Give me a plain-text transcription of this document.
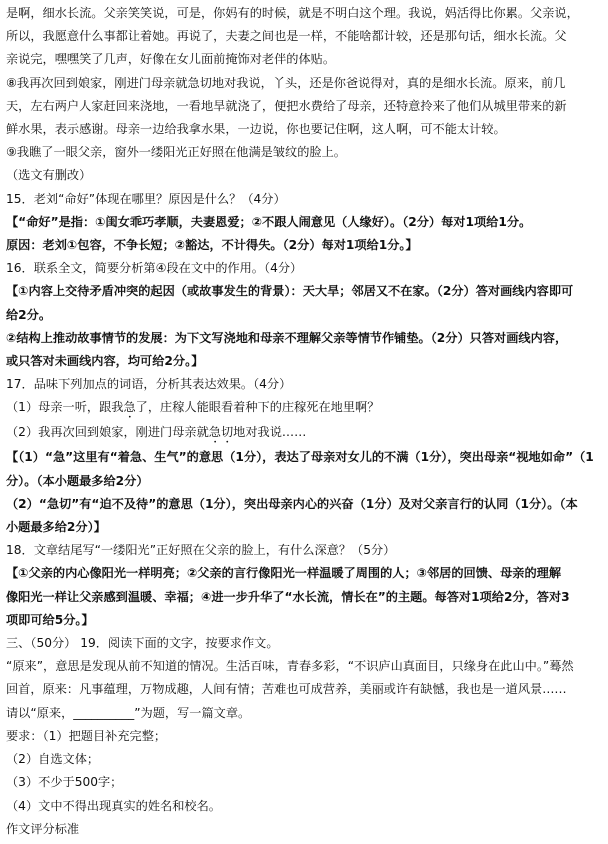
是啊，细水长流。父亲笑笑说，可是，你妈有的时候，就是不明白这个理。我说，妈活得比你累。父亲说，
所以，我愿意什么事都让着她。再说了，夫妻之间也是一样，不能啥都计较，还是那句话，细水长流。父
亲说完，嘿嘿笑了几声，好像在女儿面前掩饰对老伴的体贴。
⑧我再次回到娘家，刚进门母亲就急切地对我说，丫头，还是你爸说得对，真的是细水长流。原来，前几
天，左右两户人家赶回来浇地，一看地旱就浇了，便把水费给了母亲，还特意拎来了他们从城里带来的新
鲜水果，表示感谢。母亲一边给我拿水果，一边说，你也要记住啊，这人啊，可不能太计较。
⑨我瞧了一眼父亲，窗外一缕阳光正好照在他满是皱纹的脸上。
（选文有删改）
15．老刘“命好”体现在哪里？原因是什么？（4分）
【“命好”是指：①闺女乖巧孝顺，夫妻恩爱；②不跟人闹意见（人缘好）。（2分）每对1项给1分。
原因：老刘①包容，不争长短；②豁达，不计得失。（2分）每对1项给1分。】
16．联系全文，简要分析第④段在文中的作用。（4分）
【①内容上交待矛盾冲突的起因（或故事发生的背景）：天大旱；邻居又不在家。（2分）答对画线内容即可
给2分。
②结构上推动故事情节的发展：为下文写浇地和母亲不理解父亲等情节作铺垫。（2分）只答对画线内容，
或只答对未画线内容，均可给2分。】
17．品味下列加点的词语，分析其表达效果。（4分）
（1）母亲一听，跟我急了，庄稼人能眼看着种下的庄稼死在地里啊？
（2）我再次回到娘家，刚进门母亲就急切地对我说……
【（1）“急”这里有“着急、生气”的意思（1分），表达了母亲对女儿的不满（1分），突出母亲“视地如命”（1
分）。（本小题最多给2分）
（2）“急切”有“迫不及待”的意思（1分），突出母亲内心的兴奋（1分）及对父亲言行的认同（1分）。（本
小题最多给2分）】
18．文章结尾写“一缕阳光”正好照在父亲的脸上，有什么深意？（5分）
【①父亲的内心像阳光一样明亮；②父亲的言行像阳光一样温暖了周围的人；③邻居的回馈、母亲的理解
像阳光一样让父亲感到温暖、幸福；④进一步升华了“水长流，情长在”的主题。每答对1项给2分，答对3
项即可给5分。】
三、（50分） 19．阅读下面的文字，按要求作文。
“原来”，意思是发现从前不知道的情况。生活百味，青春多彩，“不识庐山真面目，只缘身在此山中。”蓦然
回首，原来：凡事蕴理，万物成趣，人间有情；苦难也可成营养，美丽或许有缺憾，我也是一道风景……
请以“原来，__________”为题，写一篇文章。
要求：（1）把题目补充完整；
（2）自选文体；
（3）不少于500字；
（4）文中不得出现真实的姓名和校名。
作文评分标准
